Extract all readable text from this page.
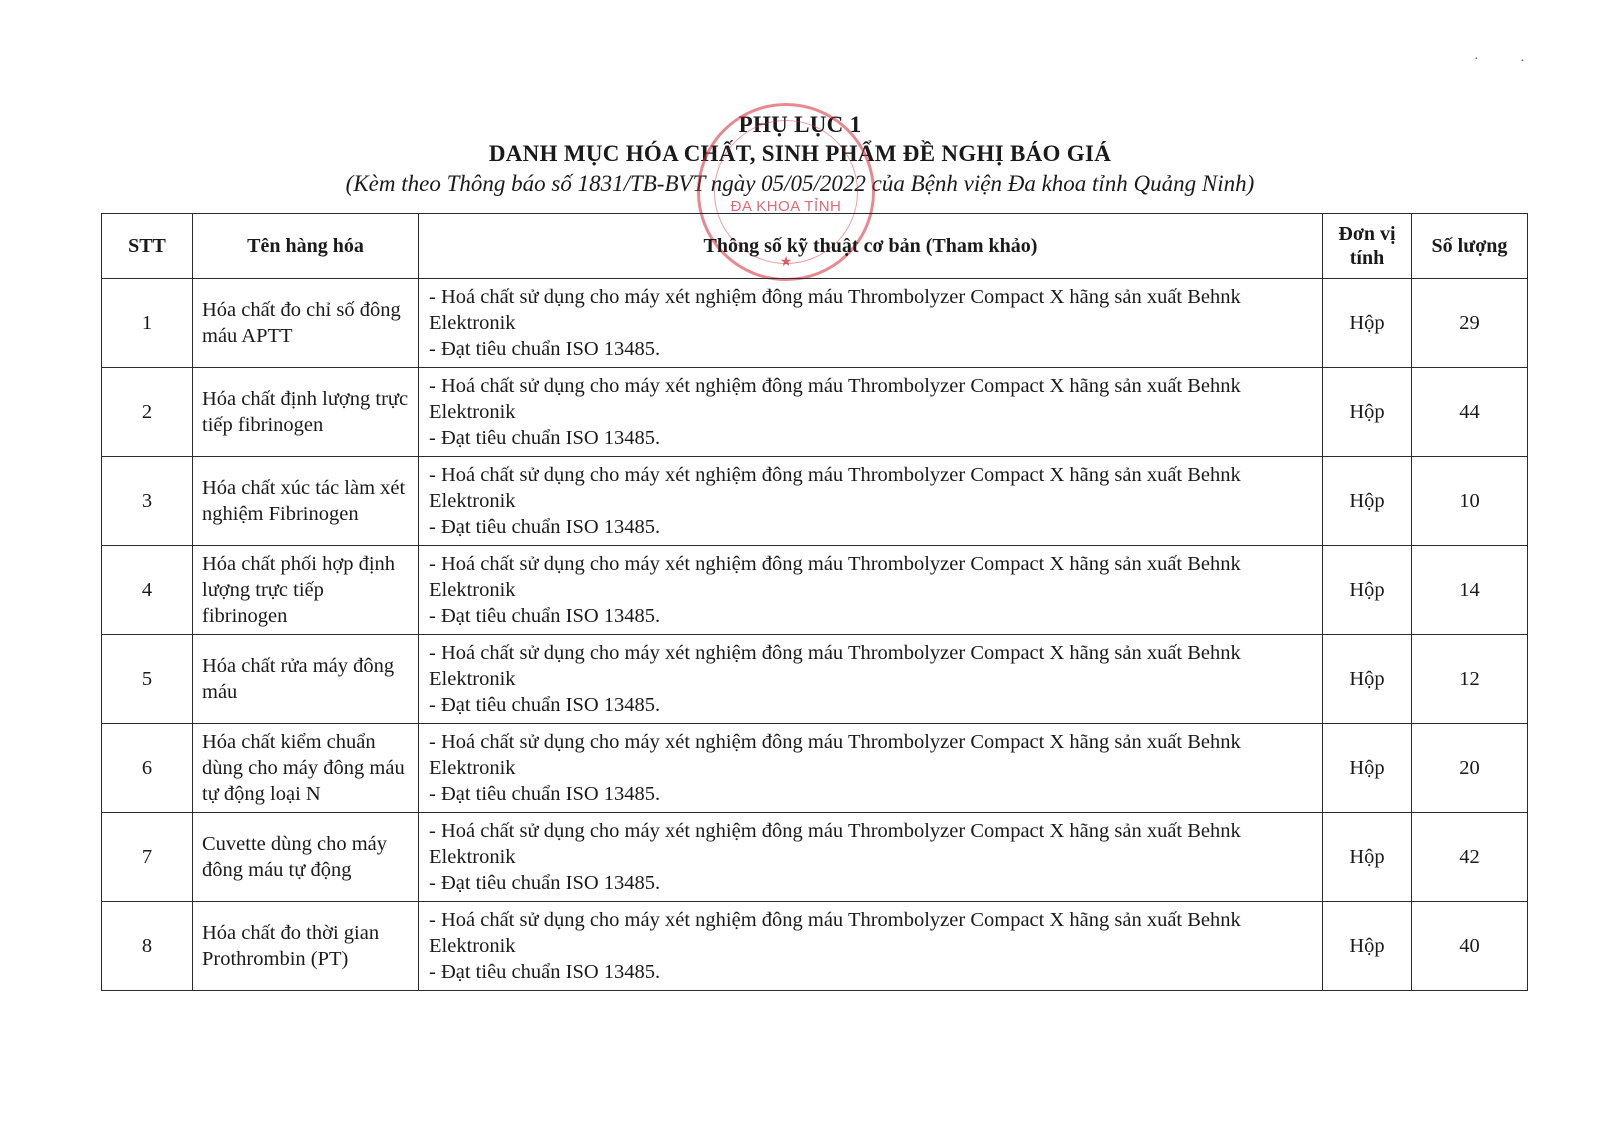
PHỤ LỤC 1
DANH MỤC HÓA CHẤT, SINH PHẨM ĐỀ NGHỊ BÁO GIÁ
(Kèm theo Thông báo số 1831/TB-BVT ngày 05/05/2022 của Bệnh viện Đa khoa tỉnh Quảng Ninh)
ĐA KHOA TỈNH
★
STT	Tên hàng hóa	Thông số kỹ thuật cơ bản (Tham khảo)	Đơn vị tính	Số lượng
1	Hóa chất đo chỉ số đông máu APTT	- Hoá chất sử dụng cho máy xét nghiệm đông máu Thrombolyzer Compact X hãng sản xuất Behnk Elektronik
- Đạt tiêu chuẩn ISO 13485.	Hộp	29
2	Hóa chất định lượng trực tiếp fibrinogen	- Hoá chất sử dụng cho máy xét nghiệm đông máu Thrombolyzer Compact X hãng sản xuất Behnk Elektronik
- Đạt tiêu chuẩn ISO 13485.	Hộp	44
3	Hóa chất xúc tác làm xét nghiệm Fibrinogen	- Hoá chất sử dụng cho máy xét nghiệm đông máu Thrombolyzer Compact X hãng sản xuất Behnk Elektronik
- Đạt tiêu chuẩn ISO 13485.	Hộp	10
4	Hóa chất phối hợp định lượng trực tiếp fibrinogen	- Hoá chất sử dụng cho máy xét nghiệm đông máu Thrombolyzer Compact X hãng sản xuất Behnk Elektronik
- Đạt tiêu chuẩn ISO 13485.	Hộp	14
5	Hóa chất rửa máy đông máu	- Hoá chất sử dụng cho máy xét nghiệm đông máu Thrombolyzer Compact X hãng sản xuất Behnk Elektronik
- Đạt tiêu chuẩn ISO 13485.	Hộp	12
6	Hóa chất kiểm chuẩn dùng cho máy đông máu tự động loại N	- Hoá chất sử dụng cho máy xét nghiệm đông máu Thrombolyzer Compact X hãng sản xuất Behnk Elektronik
- Đạt tiêu chuẩn ISO 13485.	Hộp	20
7	Cuvette dùng cho máy đông máu tự động	- Hoá chất sử dụng cho máy xét nghiệm đông máu Thrombolyzer Compact X hãng sản xuất Behnk Elektronik
- Đạt tiêu chuẩn ISO 13485.	Hộp	42
8	Hóa chất đo thời gian Prothrombin (PT)	- Hoá chất sử dụng cho máy xét nghiệm đông máu Thrombolyzer Compact X hãng sản xuất Behnk Elektronik
- Đạt tiêu chuẩn ISO 13485.	Hộp	40
·	·
